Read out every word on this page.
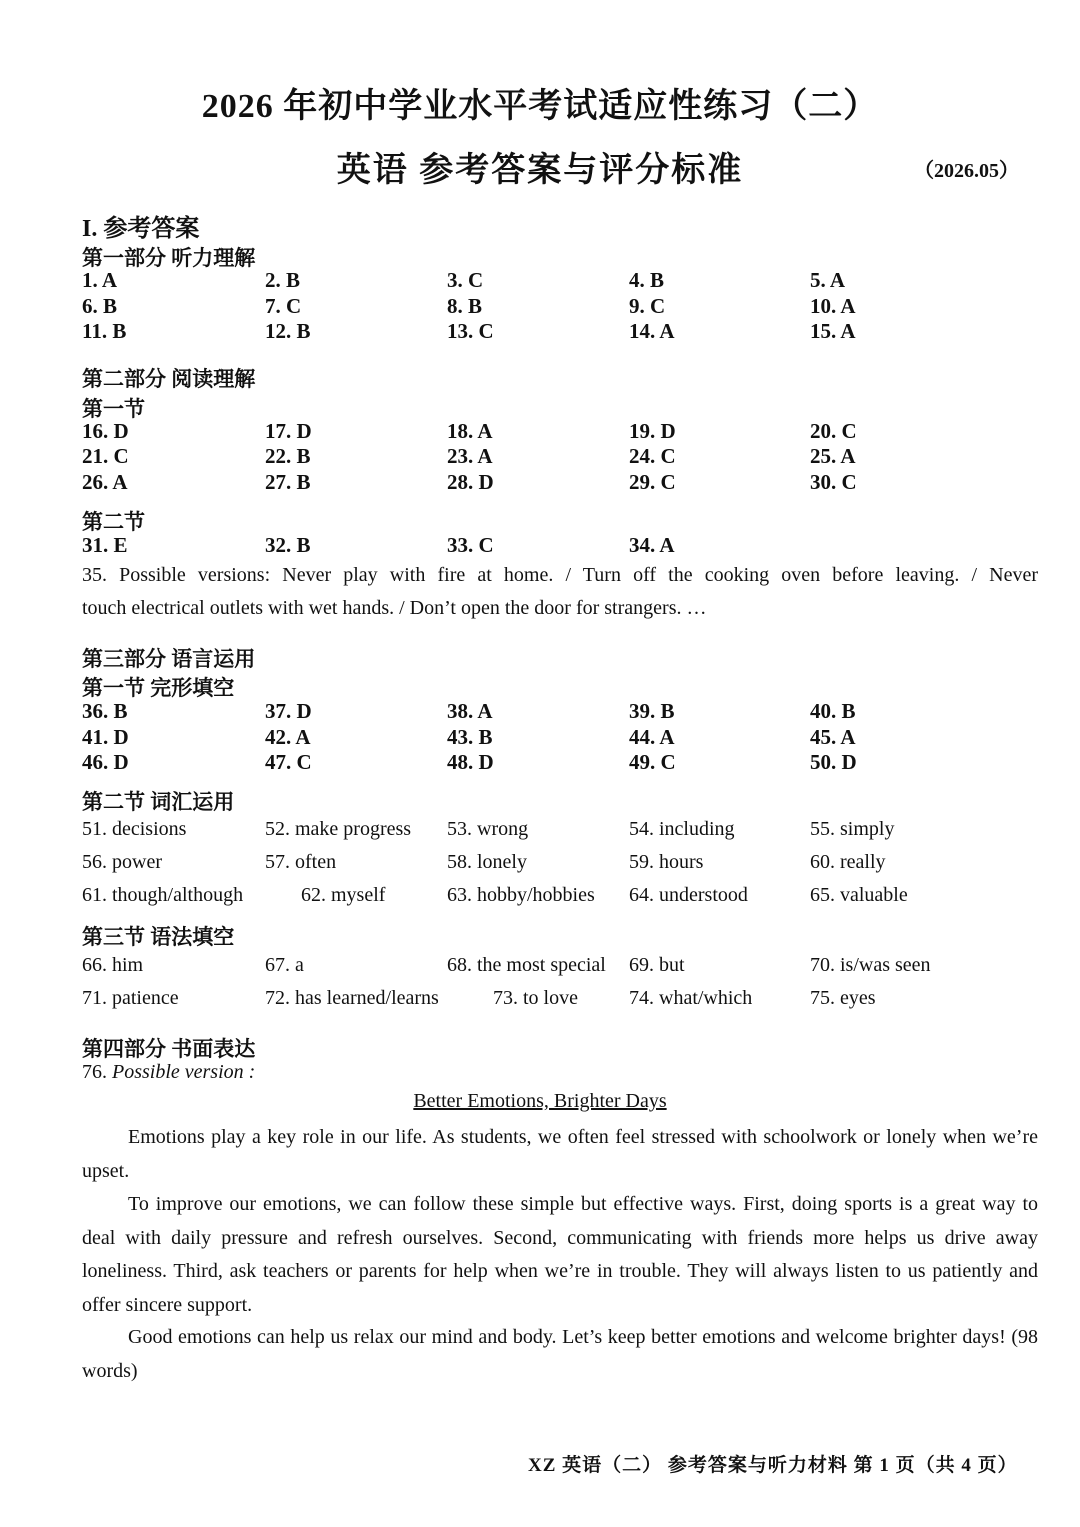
2026 年初中学业水平考试适应性练习（二）
英语 参考答案与评分标准	（2026.05）
I. 参考答案
第一部分 听力理解
1. A	2. B	3. C	4. B	5. A
6. B	7. C	8. B	9. C	10. A
11. B	12. B	13. C	14. A	15. A
第二部分 阅读理解
第一节
16. D	17. D	18. A	19. D	20. C
21. C	22. B	23. A	24. C	25. A
26. A	27. B	28. D	29. C	30. C
第二节
31. E	32. B	33. C	34. A
35. Possible versions: Never play with fire at home. / Turn off the cooking oven before leaving. / Never
touch electrical outlets with wet hands. / Don’t open the door for strangers. …
第三部分 语言运用
第一节 完形填空
36. B	37. D	38. A	39. B	40. B
41. D	42. A	43. B	44. A	45. A
46. D	47. C	48. D	49. C	50. D
第二节 词汇运用
51. decisions	52. make progress 53. wrong	54. including	55. simply
56. power	57. often	58. lonely	59. hours	60. really
61. though/although	62. myself	63. hobby/hobbies 64. understood	65. valuable
第三节 语法填空
66. him	67. a	68. the most special 69. but	70. is/was seen
71. patience	72. has learned/learns	73. to love	74. what/which	75. eyes
第四部分 书面表达
76. Possible version :
Better Emotions, Brighter Days
Emotions play a key role in our life. As students, we often feel stressed with schoolwork or lonely when we’re upset.
To improve our emotions, we can follow these simple but effective ways. First, doing sports is a great way to deal with daily pressure and refresh ourselves. Second, communicating with friends more helps us drive away loneliness. Third, ask teachers or parents for help when we’re in trouble. They will always listen to us patiently and offer sincere support.
Good emotions can help us relax our mind and body. Let’s keep better emotions and welcome brighter days! (98 words)
XZ 英语（二） 参考答案与听力材料 第 1 页（共 4 页）
